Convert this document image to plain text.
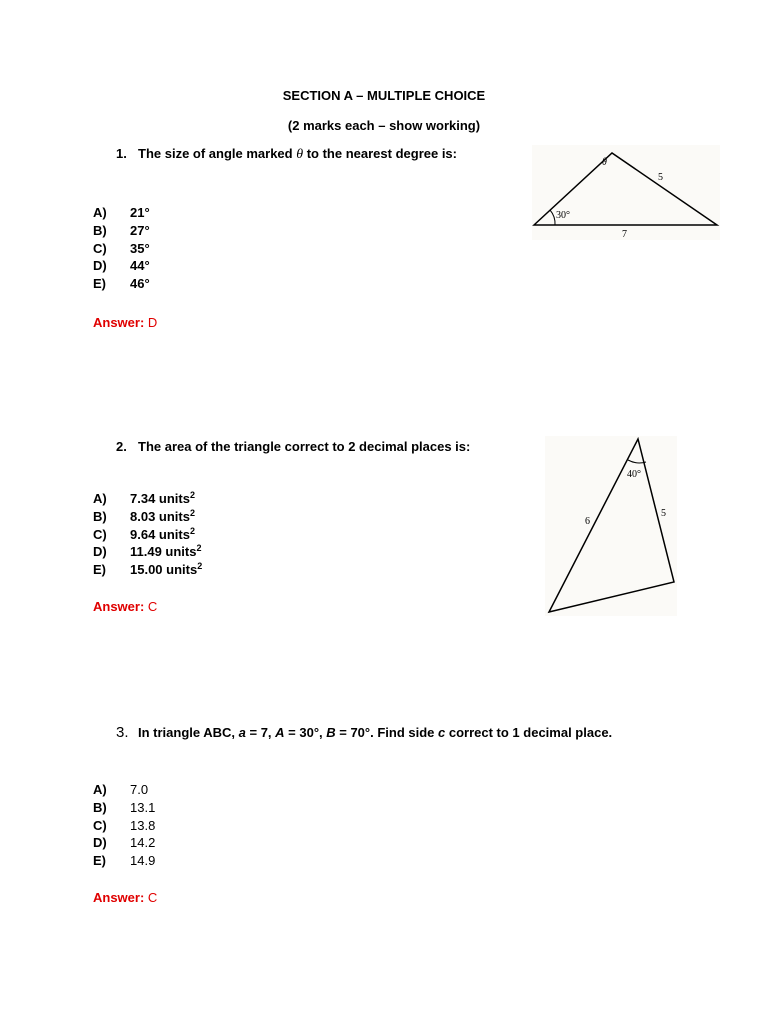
SECTION A – MULTIPLE CHOICE
(2 marks each – show working)
1. The size of angle marked θ to the nearest degree is:
30°
θ
5
7
A) 21°
B) 27°
C) 35°
D) 44°
E) 46°
Answer: D
2. The area of the triangle correct to 2 decimal places is:
40°
6
5
A) 7.34 units$^2$
B) 8.03 units$^2$
C) 9.64 units$^2$
D) 11.49 units$^2$
E) 15.00 units$^2$
Answer: C
3. In triangle ABC, a = 7, A = 30°, B = 70°. Find side c correct to 1 decimal place.
A) 7.0
B) 13.1
C) 13.8
D) 14.2
E) 14.9
Answer: C
